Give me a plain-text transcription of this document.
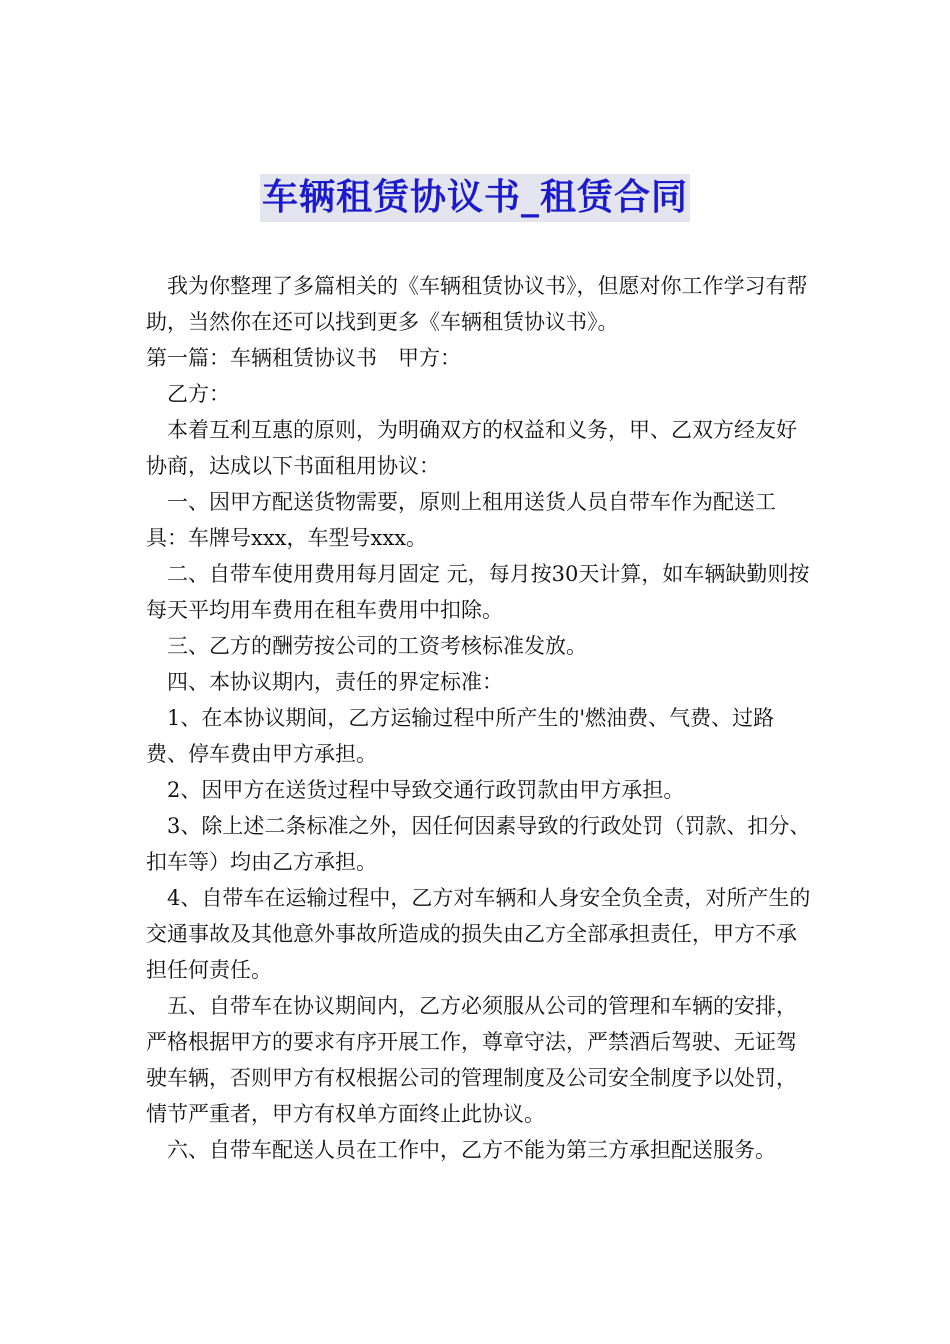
车辆租赁协议书_租赁合同

我为你整理了多篇相关的《车辆租赁协议书》，但愿对你工作学习有帮助，当然你在还可以找到更多《车辆租赁协议书》。

第一篇：车辆租赁协议书　甲方：

乙方：

本着互利互惠的原则，为明确双方的权益和义务，甲、乙双方经友好协商，达成以下书面租用协议：

一、因甲方配送货物需要，原则上租用送货人员自带车作为配送工具：车牌号xxx，车型号xxx。

二、自带车使用费用每月固定 元，每月按30天计算，如车辆缺勤则按每天平均用车费用在租车费用中扣除。

三、乙方的酬劳按公司的工资考核标准发放。

四、本协议期内，责任的界定标准：

1、在本协议期间，乙方运输过程中所产生的'燃油费、气费、过路费、停车费由甲方承担。

2、因甲方在送货过程中导致交通行政罚款由甲方承担。

3、除上述二条标准之外，因任何因素导致的行政处罚（罚款、扣分、扣车等）均由乙方承担。

4、自带车在运输过程中，乙方对车辆和人身安全负全责，对所产生的交通事故及其他意外事故所造成的损失由乙方全部承担责任，甲方不承担任何责任。

五、自带车在协议期间内，乙方必须服从公司的管理和车辆的安排，严格根据甲方的要求有序开展工作，尊章守法，严禁酒后驾驶、无证驾驶车辆，否则甲方有权根据公司的管理制度及公司安全制度予以处罚，情节严重者，甲方有权单方面终止此协议。

六、自带车配送人员在工作中，乙方不能为第三方承担配送服务。
